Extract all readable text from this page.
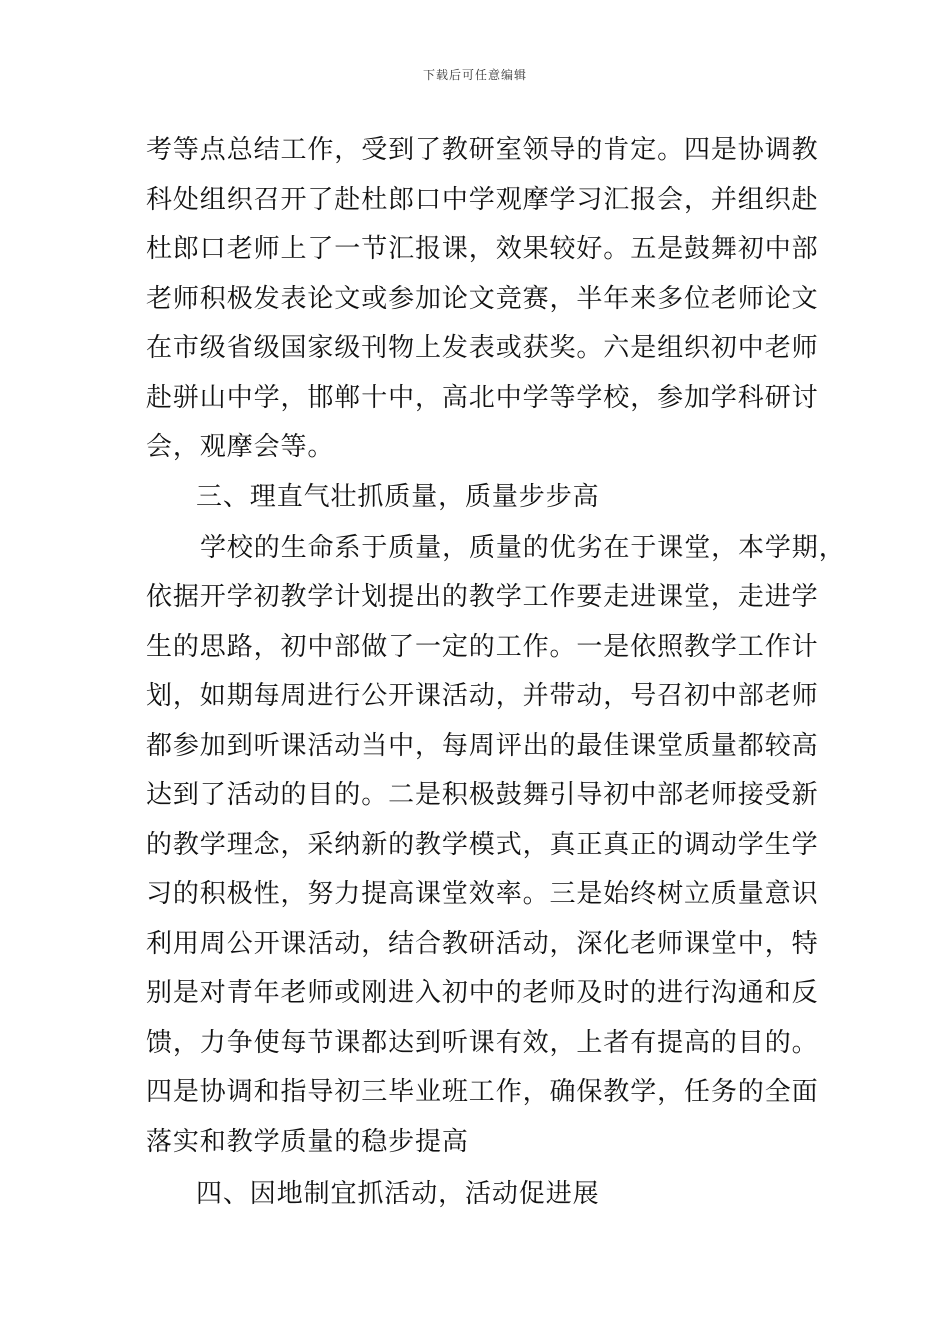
下载后可任意编辑
考等点总结工作，受到了教研室领导的肯定。四是协调教
科处组织召开了赴杜郎口中学观摩学习汇报会，并组织赴
杜郎口老师上了一节汇报课，效果较好。五是鼓舞初中部
老师积极发表论文或参加论文竞赛，半年来多位老师论文
在市级省级国家级刊物上发表或获奖。六是组织初中老师
赴骈山中学，邯郸十中，高北中学等学校，参加学科研讨
会，观摩会等。
三、理直气壮抓质量，质量步步高
学校的生命系于质量，质量的优劣在于课堂，本学期，
依据开学初教学计划提出的教学工作要走进课堂，走进学
生的思路，初中部做了一定的工作。一是依照教学工作计
划，如期每周进行公开课活动，并带动，号召初中部老师
都参加到听课活动当中，每周评出的最佳课堂质量都较高
达到了活动的目的。二是积极鼓舞引导初中部老师接受新
的教学理念，采纳新的教学模式，真正真正的调动学生学
习的积极性，努力提高课堂效率。三是始终树立质量意识
利用周公开课活动，结合教研活动，深化老师课堂中，特
别是对青年老师或刚进入初中的老师及时的进行沟通和反
馈，力争使每节课都达到听课有效，上者有提高的目的。
四是协调和指导初三毕业班工作，确保教学，任务的全面
落实和教学质量的稳步提高
四、因地制宜抓活动，活动促进展
